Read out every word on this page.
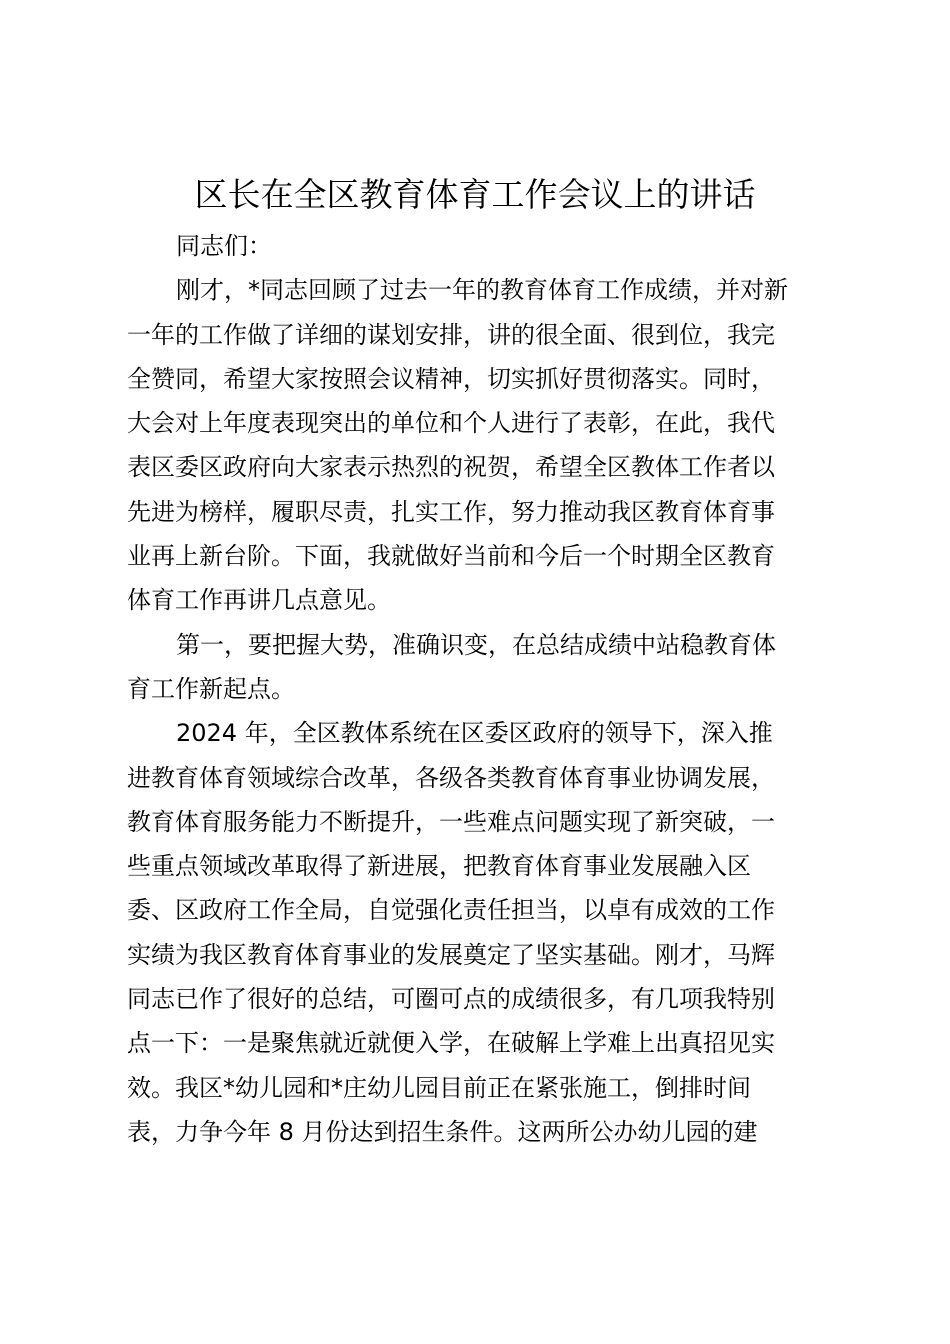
区长在全区教育体育工作会议上的讲话

同志们：

刚才，*同志回顾了过去一年的教育体育工作成绩，并对新

一年的工作做了详细的谋划安排，讲的很全面、很到位，我完

全赞同，希望大家按照会议精神，切实抓好贯彻落实。同时，

大会对上年度表现突出的单位和个人进行了表彰，在此，我代

表区委区政府向大家表示热烈的祝贺，希望全区教体工作者以

先进为榜样，履职尽责，扎实工作，努力推动我区教育体育事

业再上新台阶。下面，我就做好当前和今后一个时期全区教育

体育工作再讲几点意见。

第一，要把握大势，准确识变，在总结成绩中站稳教育体

育工作新起点。

2024 年，全区教体系统在区委区政府的领导下，深入推

进教育体育领域综合改革，各级各类教育体育事业协调发展，

教育体育服务能力不断提升，一些难点问题实现了新突破，一

些重点领域改革取得了新进展，把教育体育事业发展融入区

委、区政府工作全局，自觉强化责任担当，以卓有成效的工作

实绩为我区教育体育事业的发展奠定了坚实基础。刚才，马辉

同志已作了很好的总结，可圈可点的成绩很多，有几项我特别

点一下：一是聚焦就近就便入学，在破解上学难上出真招见实

效。我区*幼儿园和*庄幼儿园目前正在紧张施工，倒排时间

表，力争今年 8 月份达到招生条件。这两所公办幼儿园的建
